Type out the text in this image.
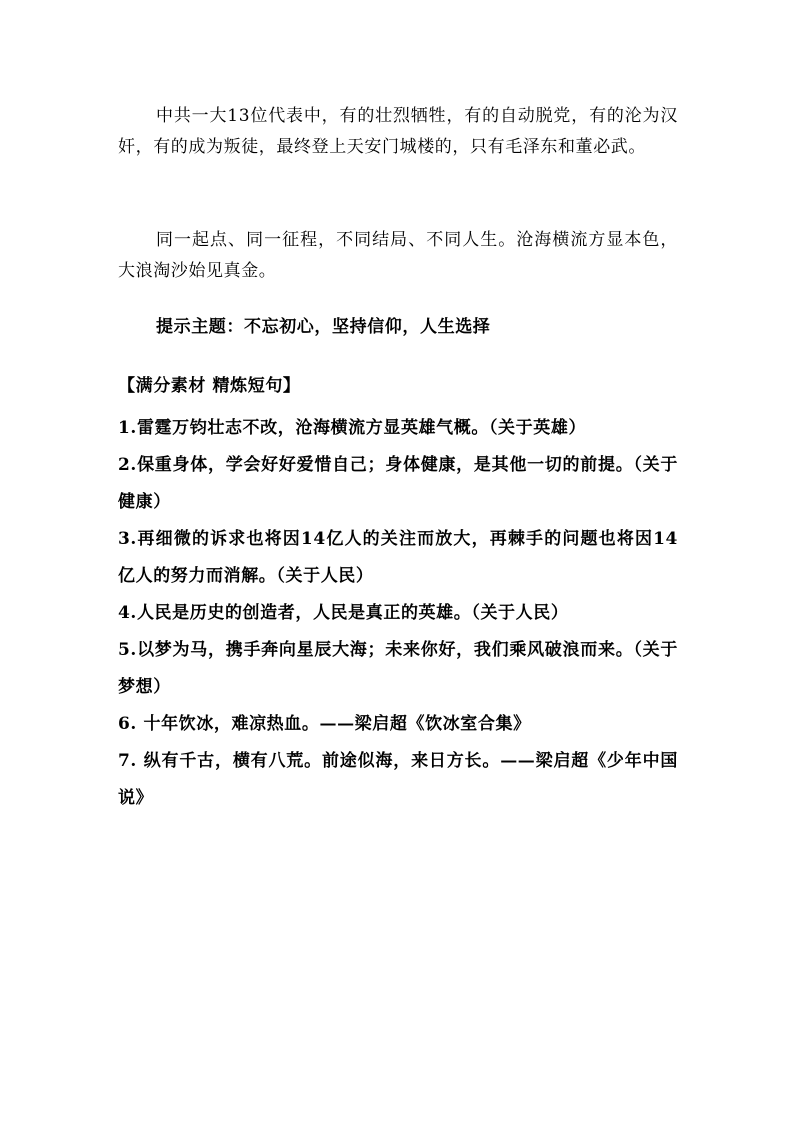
中共一大13位代表中，有的壮烈牺牲，有的自动脱党，有的沦为汉奸，有的成为叛徒，最终登上天安门城楼的，只有毛泽东和董必武。

同一起点、同一征程，不同结局、不同人生。沧海横流方显本色，大浪淘沙始见真金。

提示主题：不忘初心，坚持信仰，人生选择
【满分素材 精炼短句】
1.雷霆万钧壮志不改，沧海横流方显英雄气概。（关于英雄）
2.保重身体，学会好好爱惜自己；身体健康，是其他一切的前提。（关于健康）
3.再细微的诉求也将因14亿人的关注而放大，再棘手的问题也将因14亿人的努力而消解。（关于人民）
4.人民是历史的创造者，人民是真正的英雄。（关于人民）
5.以梦为马，携手奔向星辰大海；未来你好，我们乘风破浪而来。（关于梦想）
6. 十年饮冰，难凉热血。——梁启超《饮冰室合集》
7. 纵有千古，横有八荒。前途似海，来日方长。——梁启超《少年中国说》
